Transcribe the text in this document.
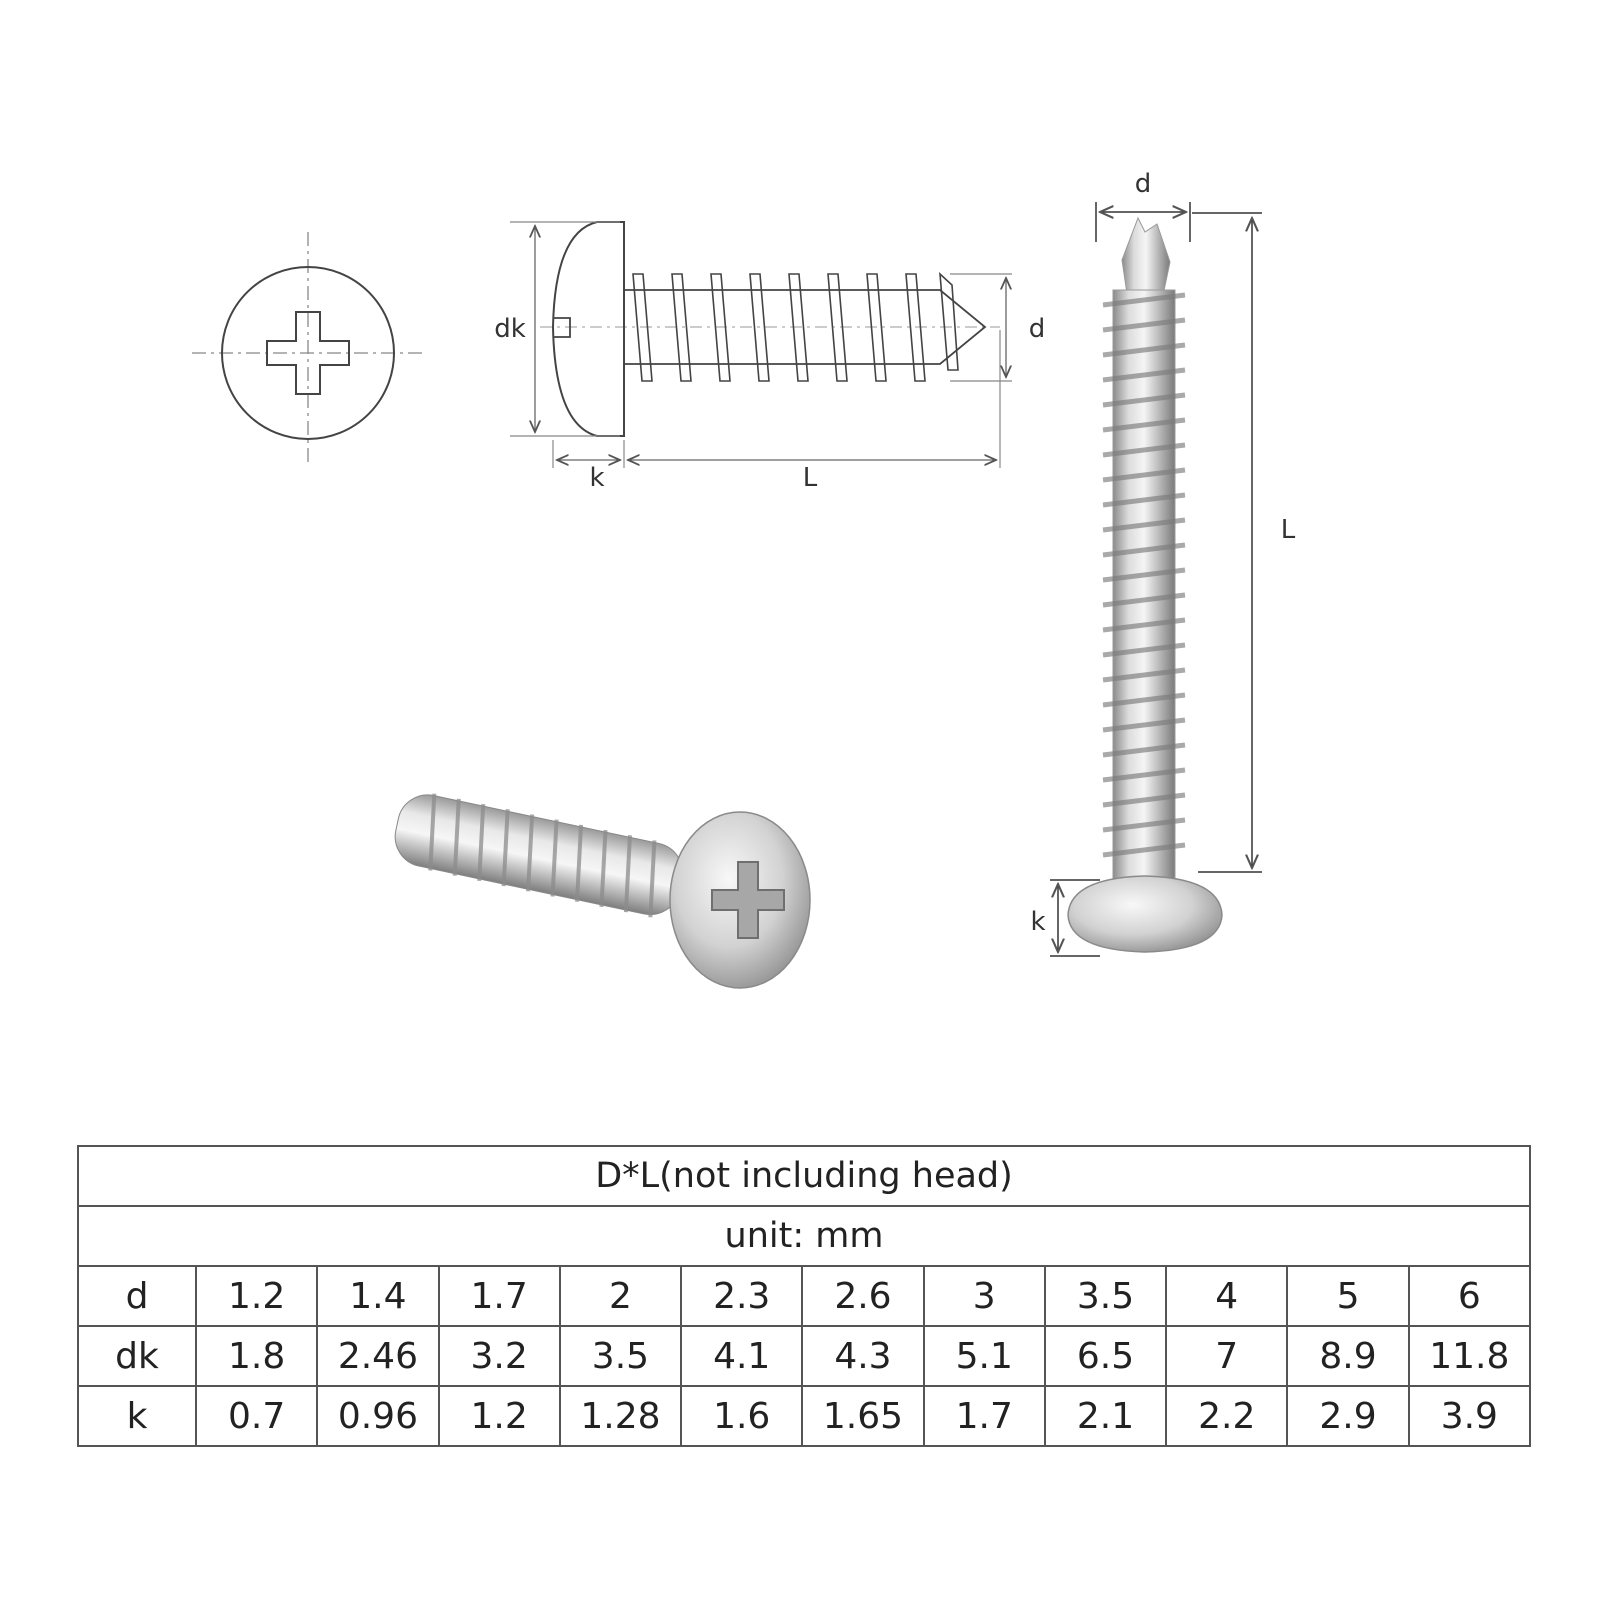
dk	d
k	L
d
L
k
D*L(not including head)											
unit: mm											
d	1.2	1.4	1.7	2	2.3	2.6	3	3.5	4	5	6
dk	1.8	2.46	3.2	3.5	4.1	4.3	5.1	6.5	7	8.9	11.8
k	0.7	0.96	1.2	1.28	1.6	1.65	1.7	2.1	2.2	2.9	3.9
